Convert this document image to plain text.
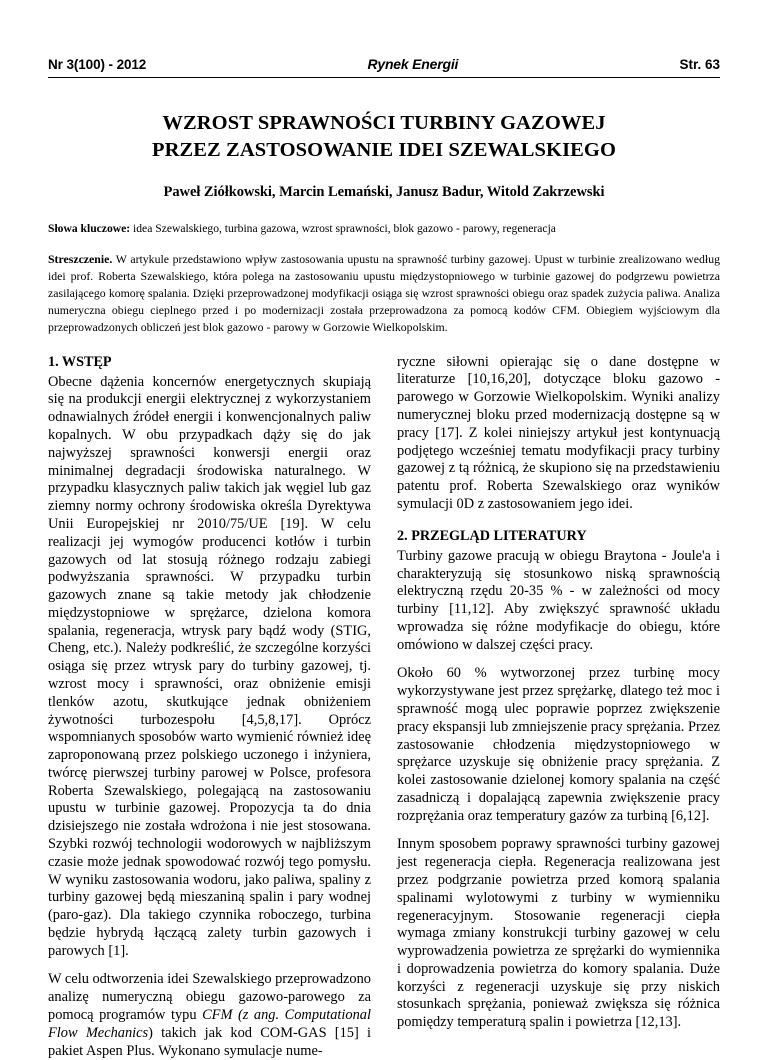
Nr 3(100) - 2012	Rynek Energii	Str. 63
WZROST SPRAWNOŚCI TURBINY GAZOWEJ
PRZEZ ZASTOSOWANIE IDEI SZEWALSKIEGO
Paweł Ziółkowski, Marcin Lemański, Janusz Badur, Witold Zakrzewski
Słowa kluczowe: idea Szewalskiego, turbina gazowa, wzrost sprawności, blok gazowo - parowy, regeneracja
Streszczenie. W artykule przedstawiono wpływ zastosowania upustu na sprawność turbiny gazowej. Upust w turbinie zrealizowano według idei prof. Roberta Szewalskiego, która polega na zastosowaniu upustu międzystopniowego w turbinie gazowej do podgrzewu powietrza zasilającego komorę spalania. Dzięki przeprowadzonej modyfikacji osiąga się wzrost sprawności obiegu oraz spadek zużycia paliwa. Analiza numeryczna obiegu cieplnego przed i po modernizacji została przeprowadzona za pomocą kodów CFM. Obiegiem wyjściowym dla przeprowadzonych obliczeń jest blok gazowo - parowy w Gorzowie Wielkopolskim.
1. WSTĘP

Obecne dążenia koncernów energetycznych skupiają się na produkcji energii elektrycznej z wykorzystaniem odnawialnych źródeł energii i konwencjonalnych paliw kopalnych. W obu przypadkach dąży się do jak najwyższej sprawności konwersji energii oraz minimalnej degradacji środowiska naturalnego. W przypadku klasycznych paliw takich jak węgiel lub gaz ziemny normy ochrony środowiska określa Dyrektywa Unii Europejskiej nr 2010/75/UE [19]. W celu realizacji jej wymogów producenci kotłów i turbin gazowych od lat stosują różnego rodzaju zabiegi podwyższania sprawności. W przypadku turbin gazowych znane są takie metody jak chłodzenie międzystopniowe w sprężarce, dzielona komora spalania, regeneracja, wtrysk pary bądź wody (STIG, Cheng, etc.). Należy podkreślić, że szczególne korzyści osiąga się przez wtrysk pary do turbiny gazowej, tj. wzrost mocy i sprawności, oraz obniżenie emisji tlenków azotu, skutkujące jednak obniżeniem żywotności turbozespołu [4,5,8,17]. Oprócz wspomnianych sposobów warto wymienić również ideę zaproponowaną przez polskiego uczonego i inżyniera, twórcę pierwszej turbiny parowej w Polsce, profesora Roberta Szewalskiego, polegającą na zastosowaniu upustu w turbinie gazowej. Propozycja ta do dnia dzisiejszego nie została wdrożona i nie jest stosowana. Szybki rozwój technologii wodorowych w najbliższym czasie może jednak spowodować rozwój tego pomysłu. W wyniku zastosowania wodoru, jako paliwa, spaliny z turbiny gazowej będą mieszaniną spalin i pary wodnej (paro-gaz). Dla takiego czynnika roboczego, turbina będzie hybrydą łączącą zalety turbin gazowych i parowych [1].

W celu odtworzenia idei Szewalskiego przeprowadzono analizę numeryczną obiegu gazowo-parowego za pomocą programów typu CFM (z ang. Computational Flow Mechanics) takich jak kod COM-GAS [15] i pakiet Aspen Plus. Wykonano symulacje nume-

ryczne siłowni opierając się o dane dostępne w literaturze [10,16,20], dotyczące bloku gazowo - parowego w Gorzowie Wielkopolskim. Wyniki analizy numerycznej bloku przed modernizacją dostępne są w pracy [17]. Z kolei niniejszy artykuł jest kontynuacją podjętego wcześniej tematu modyfikacji pracy turbiny gazowej z tą różnicą, że skupiono się na przedstawieniu patentu prof. Roberta Szewalskiego oraz wyników symulacji 0D z zastosowaniem jego idei.

2. PRZEGLĄD LITERATURY

Turbiny gazowe pracują w obiegu Braytona - Joule'a i charakteryzują się stosunkowo niską sprawnością elektryczną rzędu 20-35 % - w zależności od mocy turbiny [11,12]. Aby zwiększyć sprawność układu wprowadza się różne modyfikacje do obiegu, które omówiono w dalszej części pracy.

Około 60 % wytworzonej przez turbinę mocy wykorzystywane jest przez sprężarkę, dlatego też moc i sprawność mogą ulec poprawie poprzez zwiększenie pracy ekspansji lub zmniejszenie pracy sprężania. Przez zastosowanie chłodzenia międzystopniowego w sprężarce uzyskuje się obniżenie pracy sprężania. Z kolei zastosowanie dzielonej komory spalania na część zasadniczą i dopalającą zapewnia zwiększenie pracy rozprężania oraz temperatury gazów za turbiną [6,12].

Innym sposobem poprawy sprawności turbiny gazowej jest regeneracja ciepła. Regeneracja realizowana jest przez podgrzanie powietrza przed komorą spalania spalinami wylotowymi z turbiny w wymienniku regeneracyjnym. Stosowanie regeneracji ciepła wymaga zmiany konstrukcji turbiny gazowej w celu wyprowadzenia powietrza ze sprężarki do wymiennika i doprowadzenia powietrza do komory spalania. Duże korzyści z regeneracji uzyskuje się przy niskich stosunkach sprężania, ponieważ zwiększa się różnica pomiędzy temperaturą spalin i powietrza [12,13].
